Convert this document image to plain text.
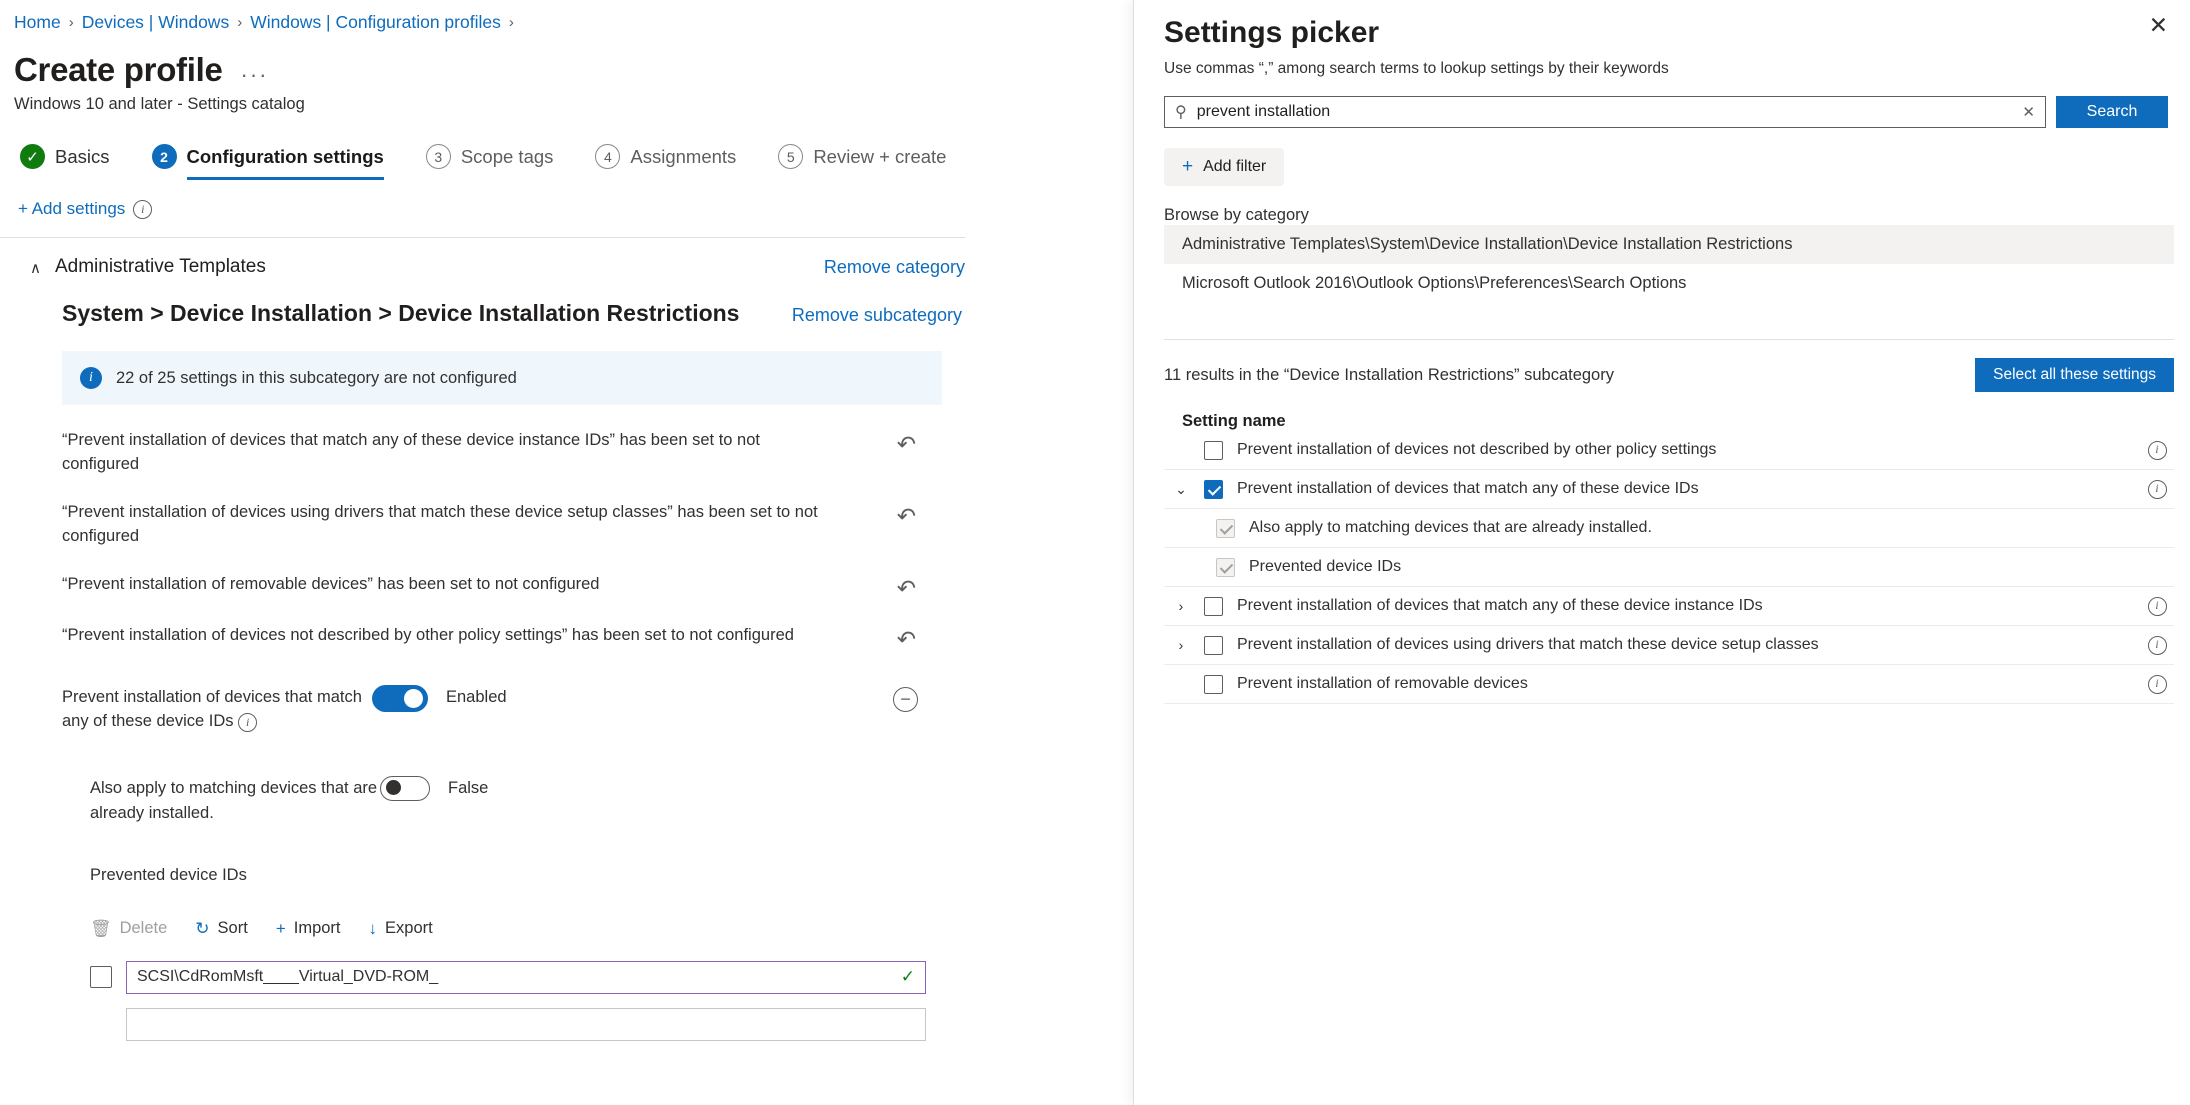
Home › Devices | Windows › Windows | Configuration profiles ›
Create profile ···
Windows 10 and later - Settings catalog
✓ Basics	2	Configuration settings	3	Scope tags	4	Assignments	5	Review + create
+ Add settings	i
∧ Administrative Templates	Remove category
System > Device Installation > Device Installation Restrictions	Remove subcategory
i	22 of 25 settings in this subcategory are not configured
“Prevent installation of devices that match any of these device instance IDs” has been set to not configured
↶
“Prevent installation of devices using drivers that match these device setup classes” has been set to not configured
↶
“Prevent installation of removable devices” has been set to not configured	↶
“Prevent installation of devices not described by other policy settings” has been set to not configured	↶
Prevent installation of devices that match any of these device IDs i
Enabled	−
Also apply to matching devices that are already installed.
False
Prevented device IDs
🗑 Delete ↻ Sort + Import ↓ Export
SCSI\CdRomMsft____Virtual_DVD-ROM_	✓
Settings picker
Use commas “,” among search terms to lookup settings by their keywords
✕
⚲ prevent installation	✕	Search
+ Add filter
Browse by category
Administrative Templates\System\Device Installation\Device Installation Restrictions
Microsoft Outlook 2016\Outlook Options\Preferences\Search Options
11 results in the “Device Installation Restrictions” subcategory	Select all these settings
Setting name
Prevent installation of devices not described by other policy settings	i
⌄	Prevent installation of devices that match any of these device IDs	i
Also apply to matching devices that are already installed.
Prevented device IDs
›	Prevent installation of devices that match any of these device instance IDs	i
›	Prevent installation of devices using drivers that match these device setup classes	i
Prevent installation of removable devices	i
